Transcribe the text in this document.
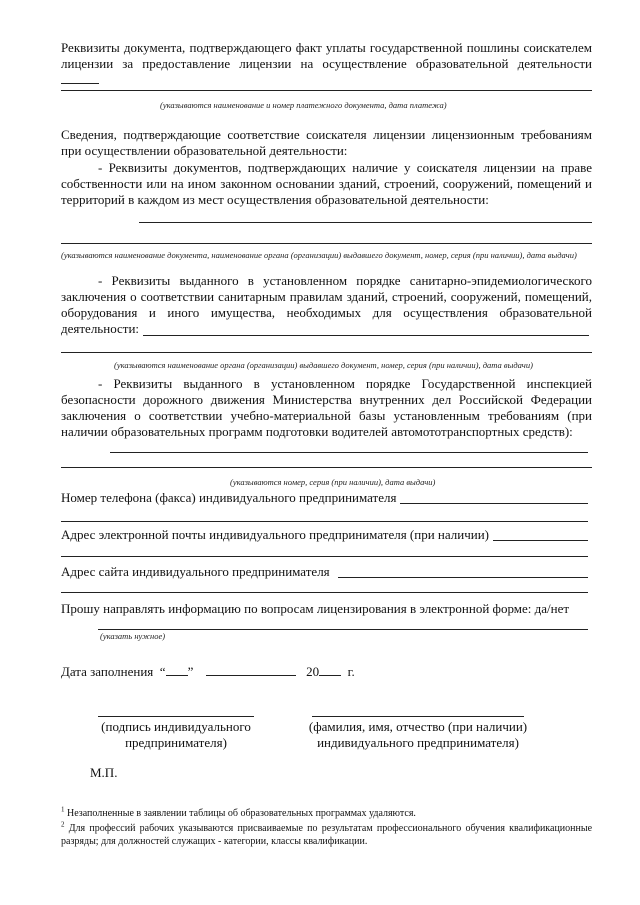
Реквизиты документа, подтверждающего факт уплаты государственной пошлины соискателем лицензии за предоставление лицензии на осуществление образовательной деятельности
(указываются наименование и номер платежного документа, дата платежа)
Сведения, подтверждающие соответствие соискателя лицензии лицензионным требованиям при осуществлении образовательной деятельности:
- Реквизиты документов, подтверждающих наличие у соискателя лицензии на праве собственности или на ином законном основании зданий, строений, сооружений, помещений и территорий в каждом из мест осуществления образовательной деятельности:
(указываются наименование документа, наименование органа (организации) выдавшего документ, номер, серия (при наличии), дата выдачи)
- Реквизиты выданного в установленном порядке санитарно-эпидемиологического заключения о соответствии санитарным правилам зданий, строений, сооружений, помещений, оборудования и иного имущества, необходимых для осуществления образовательной деятельности:
(указываются наименование органа (организации) выдавшего документ, номер, серия (при наличии), дата выдачи)
- Реквизиты выданного в установленном порядке Государственной инспекцией безопасности дорожного движения Министерства внутренних дел Российской Федерации заключения о соответствии учебно-материальной базы установленным требованиям (при наличии образовательных программ подготовки водителей автомототранспортных средств):
(указываются номер, серия (при наличии), дата выдачи)
Номер телефона (факса) индивидуального предпринимателя
Адрес электронной почты индивидуального предпринимателя (при наличии)
Адрес сайта индивидуального предпринимателя
Прошу направлять информацию по вопросам лицензирования в электронной форме: да/нет
(указать нужное)
Дата заполнения “ ”	20 г.
(подпись индивидуального предпринимателя)
(фамилия, имя, отчество (при наличии) индивидуального предпринимателя)
М.П.
$^1$ Незаполненные в заявлении таблицы об образовательных программах удаляются.
$^2$ Для профессий рабочих указываются присваиваемые по результатам профессионального обучения квалификационные разряды; для должностей служащих - категории, классы квалификации.
